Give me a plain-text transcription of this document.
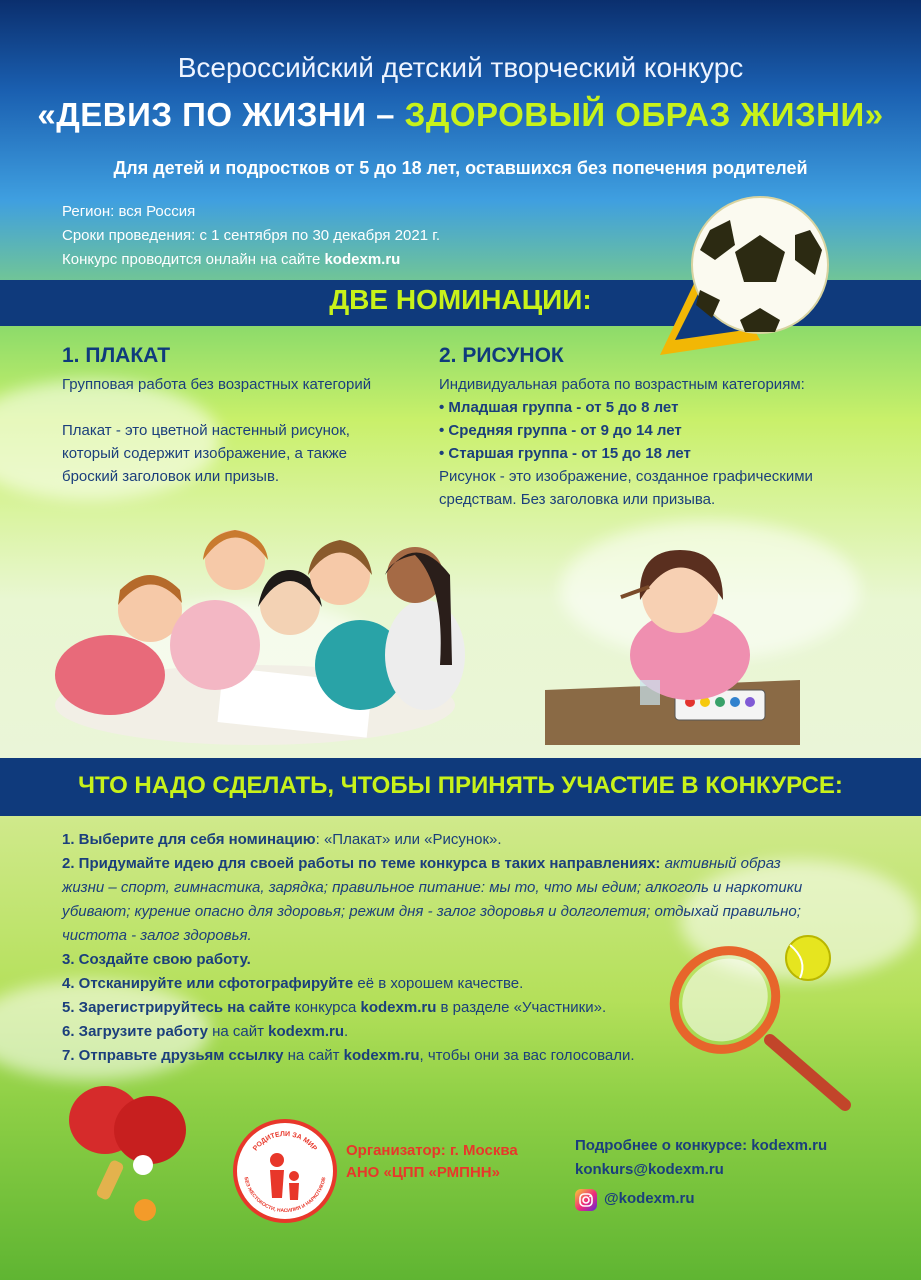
Всероссийский детский творческий конкурс
«ДЕВИЗ ПО ЖИЗНИ – ЗДОРОВЫЙ ОБРАЗ ЖИЗНИ»
Для детей и подростков от 5 до 18 лет, оставшихся без попечения родителей
Регион: вся Россия
Сроки проведения: с 1 сентября по 30 декабря 2021 г.
Конкурс проводится онлайн на сайте kodexm.ru
ДВЕ НОМИНАЦИИ:
1. ПЛАКАТ
Групповая работа без возрастных категорий
Плакат - это цветной настенный рисунок,
который содержит изображение, а также
броский заголовок или призыв.
2. РИСУНОК
Индивидуальная работа по возрастным категориям:
• Младшая группа - от 5 до 8 лет
• Средняя группа - от 9 до 14 лет
• Старшая группа - от 15 до 18 лет
Рисунок - это изображение, созданное графическими
средствам. Без заголовка или призыва.
ЧТО НАДО СДЕЛАТЬ, ЧТОБЫ ПРИНЯТЬ УЧАСТИЕ В КОНКУРСЕ:
1. Выберите для себя номинацию: «Плакат» или «Рисунок».
2. Придумайте идею для своей работы по теме конкурса в таких направлениях: активный образ
жизни – спорт, гимнастика, зарядка; правильное питание: мы то, что мы едим; алкоголь и наркотики
убивают; курение опасно для здоровья; режим дня - залог здоровья и долголетия; отдыхай правильно;
чистота - залог здоровья.
3. Создайте свою работу.
4. Отсканируйте или сфотографируйте её в хорошем качестве.
5. Зарегистрируйтесь на сайте конкурса kodexm.ru в разделе «Участники».
6. Загрузите работу на сайт kodexm.ru.
7. Отправьте друзьям ссылку на сайт kodexm.ru, чтобы они за вас голосовали.
РОДИТЕЛИ ЗА МИР
БЕЗ ЖЕСТОКОСТИ, НАСИЛИЯ И НАРКОТИКОВ
Организатор: г. Москва
АНО «ЦПП «РМПНН»
Подробнее о конкурсе: kodexm.ru
konkurs@kodexm.ru
@kodexm.ru
